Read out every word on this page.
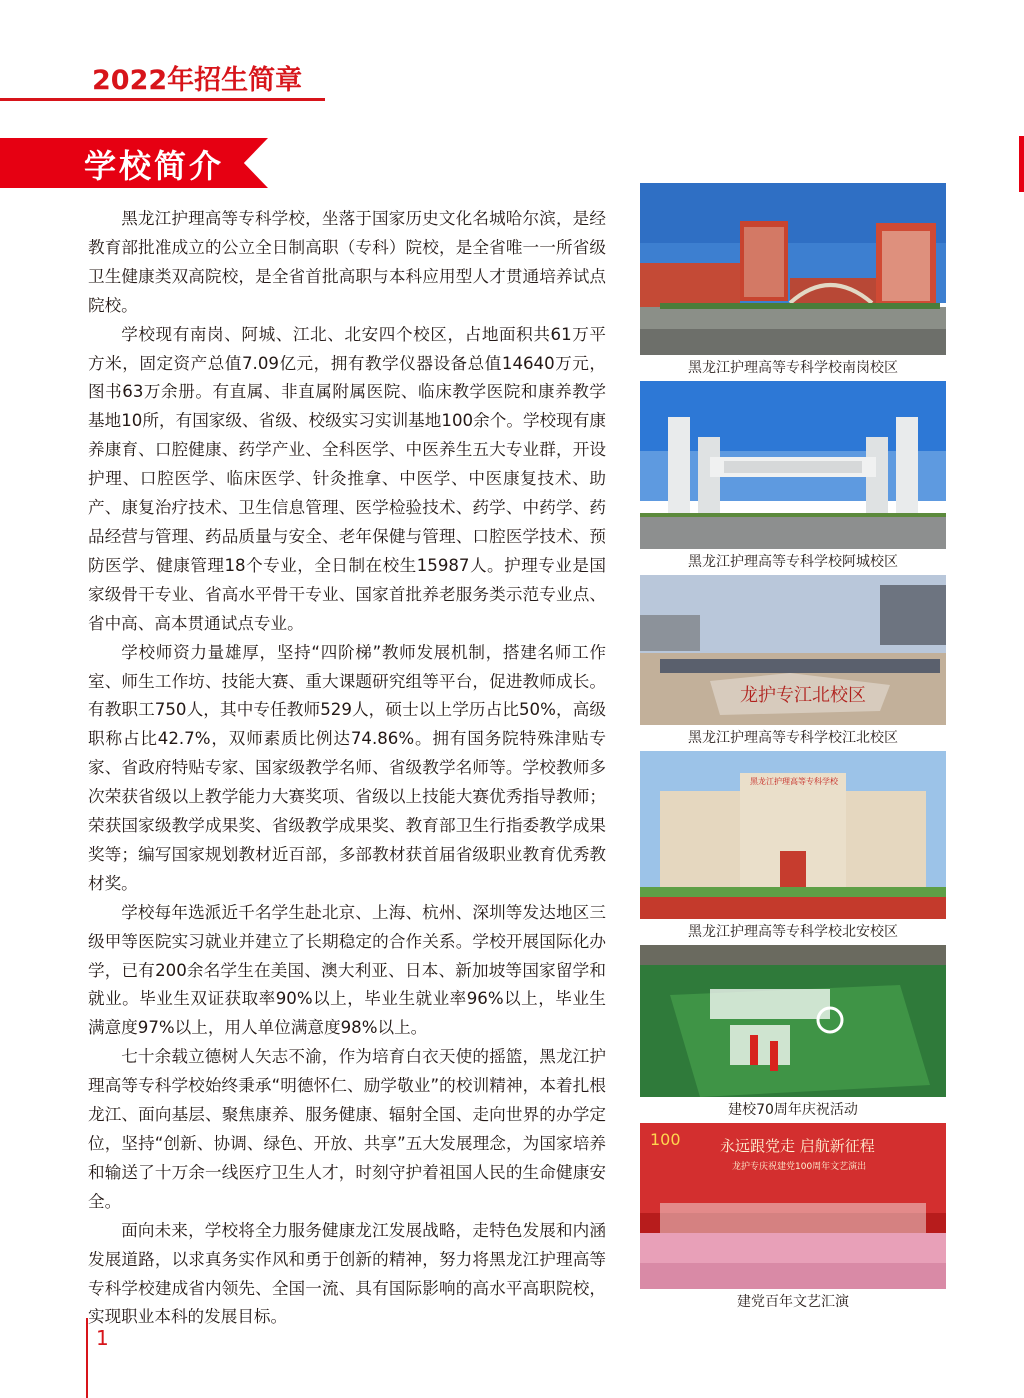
2022年招生简章
学校简介

黑龙江护理高等专科学校，坐落于国家历史文化名城哈尔滨，是经教育部批准成立的公立全日制高职（专科）院校，是全省唯一一所省级卫生健康类双高院校，是全省首批高职与本科应用型人才贯通培养试点院校。

学校现有南岗、阿城、江北、北安四个校区，占地面积共61万平方米，固定资产总值7.09亿元，拥有教学仪器设备总值14640万元，图书63万余册。有直属、非直属附属医院、临床教学医院和康养教学基地10所，有国家级、省级、校级实习实训基地100余个。学校现有康养康育、口腔健康、药学产业、全科医学、中医养生五大专业群，开设护理、口腔医学、临床医学、针灸推拿、中医学、中医康复技术、助产、康复治疗技术、卫生信息管理、医学检验技术、药学、中药学、药品经营与管理、药品质量与安全、老年保健与管理、口腔医学技术、预防医学、健康管理18个专业，全日制在校生15987人。护理专业是国家级骨干专业、省高水平骨干专业、国家首批养老服务类示范专业点、省中高、高本贯通试点专业。

学校师资力量雄厚，坚持“四阶梯”教师发展机制，搭建名师工作室、师生工作坊、技能大赛、重大课题研究组等平台，促进教师成长。有教职工750人，其中专任教师529人，硕士以上学历占比50%，高级职称占比42.7%，双师素质比例达74.86%。拥有国务院特殊津贴专家、省政府特贴专家、国家级教学名师、省级教学名师等。学校教师多次荣获省级以上教学能力大赛奖项、省级以上技能大赛优秀指导教师；荣获国家级教学成果奖、省级教学成果奖、教育部卫生行指委教学成果奖等；编写国家规划教材近百部，多部教材获首届省级职业教育优秀教材奖。

学校每年选派近千名学生赴北京、上海、杭州、深圳等发达地区三级甲等医院实习就业并建立了长期稳定的合作关系。学校开展国际化办学，已有200余名学生在美国、澳大利亚、日本、新加坡等国家留学和就业。毕业生双证获取率90%以上，毕业生就业率96%以上，毕业生满意度97%以上，用人单位满意度98%以上。

七十余载立德树人矢志不渝，作为培育白衣天使的摇篮，黑龙江护理高等专科学校始终秉承“明德怀仁、励学敬业”的校训精神，本着扎根龙江、面向基层、聚焦康养、服务健康、辐射全国、走向世界的办学定位，坚持“创新、协调、绿色、开放、共享”五大发展理念，为国家培养和输送了十万余一线医疗卫生人才，时刻守护着祖国人民的生命健康安全。

面向未来，学校将全力服务健康龙江发展战略，走特色发展和内涵发展道路，以求真务实作风和勇于创新的精神，努力将黑龙江护理高等专科学校建成省内领先、全国一流、具有国际影响的高水平高职院校，实现职业本科的发展目标。

黑龙江护理高等专科学校南岗校区
黑龙江护理高等专科学校阿城校区
龙护专江北校区
黑龙江护理高等专科学校江北校区
黑龙江护理高等专科学校
黑龙江护理高等专科学校北安校区
建校70周年庆祝活动
100	永远跟党走 启航新征程
龙护专庆祝建党100周年文艺演出
建党百年文艺汇演
1
